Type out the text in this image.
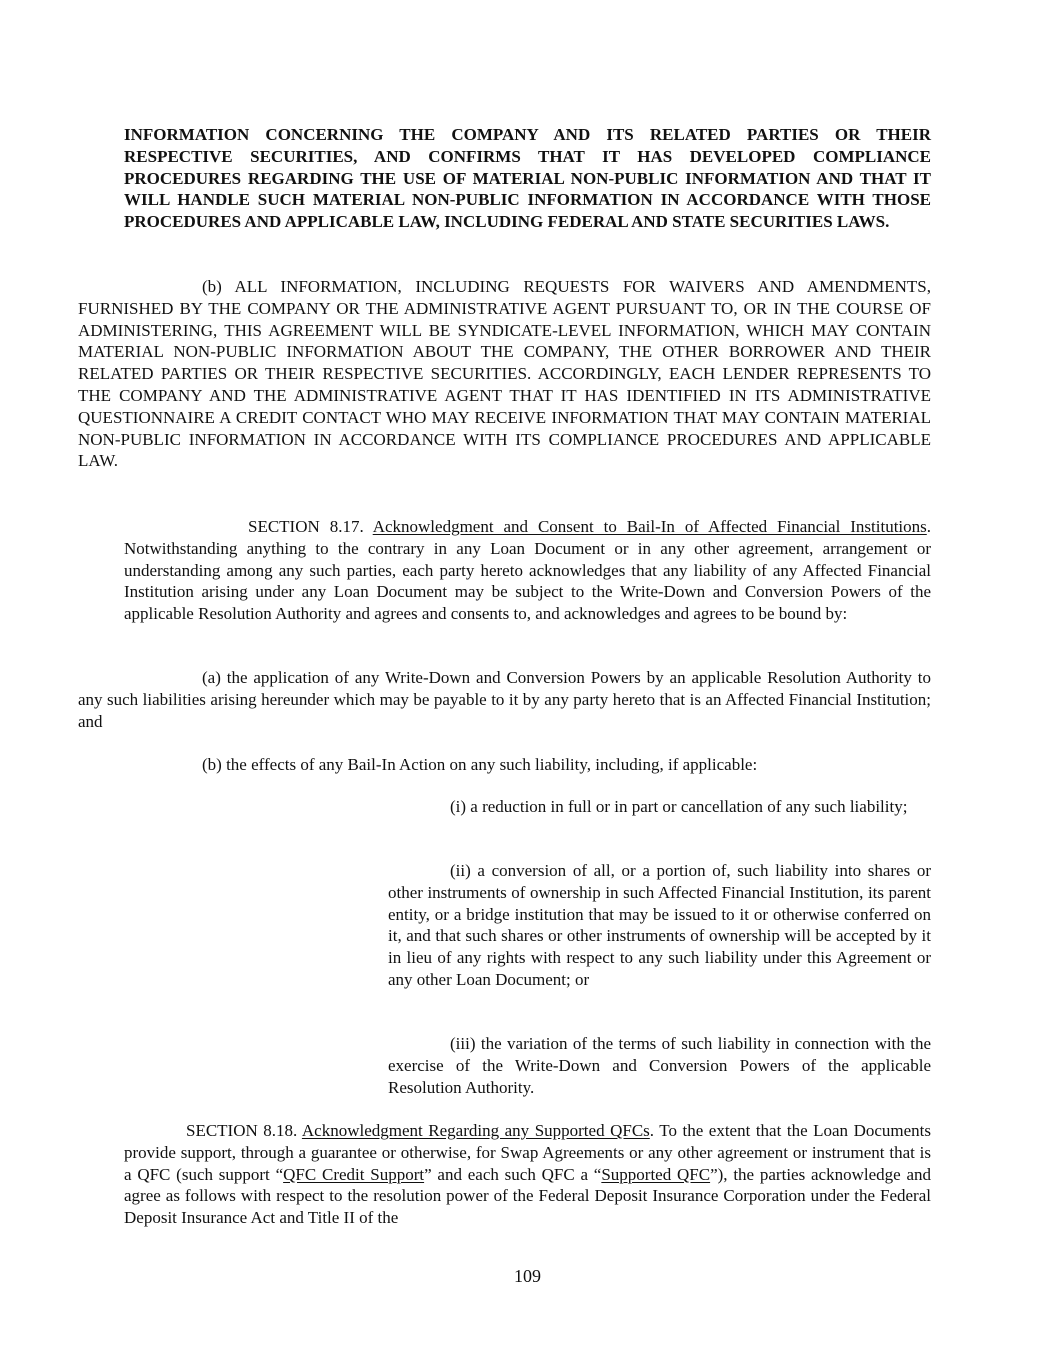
INFORMATION CONCERNING THE COMPANY AND ITS RELATED PARTIES OR THEIR RESPECTIVE SECURITIES, AND CONFIRMS THAT IT HAS DEVELOPED COMPLIANCE PROCEDURES REGARDING THE USE OF MATERIAL NON-PUBLIC INFORMATION AND THAT IT WILL HANDLE SUCH MATERIAL NON-PUBLIC INFORMATION IN ACCORDANCE WITH THOSE PROCEDURES AND APPLICABLE LAW, INCLUDING FEDERAL AND STATE SECURITIES LAWS.

(b) ALL INFORMATION, INCLUDING REQUESTS FOR WAIVERS AND AMENDMENTS, FURNISHED BY THE COMPANY OR THE ADMINISTRATIVE AGENT PURSUANT TO, OR IN THE COURSE OF ADMINISTERING, THIS AGREEMENT WILL BE SYNDICATE-LEVEL INFORMATION, WHICH MAY CONTAIN MATERIAL NON-PUBLIC INFORMATION ABOUT THE COMPANY, THE OTHER BORROWER AND THEIR RELATED PARTIES OR THEIR RESPECTIVE SECURITIES. ACCORDINGLY, EACH LENDER REPRESENTS TO THE COMPANY AND THE ADMINISTRATIVE AGENT THAT IT HAS IDENTIFIED IN ITS ADMINISTRATIVE QUESTIONNAIRE A CREDIT CONTACT WHO MAY RECEIVE INFORMATION THAT MAY CONTAIN MATERIAL NON-PUBLIC INFORMATION IN ACCORDANCE WITH ITS COMPLIANCE PROCEDURES AND APPLICABLE LAW.

SECTION 8.17. Acknowledgment and Consent to Bail-In of Affected Financial Institutions. Notwithstanding anything to the contrary in any Loan Document or in any other agreement, arrangement or understanding among any such parties, each party hereto acknowledges that any liability of any Affected Financial Institution arising under any Loan Document may be subject to the Write-Down and Conversion Powers of the applicable Resolution Authority and agrees and consents to, and acknowledges and agrees to be bound by:

(a) the application of any Write-Down and Conversion Powers by an applicable Resolution Authority to any such liabilities arising hereunder which may be payable to it by any party hereto that is an Affected Financial Institution; and

(b) the effects of any Bail-In Action on any such liability, including, if applicable:

(i) a reduction in full or in part or cancellation of any such liability;

(ii) a conversion of all, or a portion of, such liability into shares or other instruments of ownership in such Affected Financial Institution, its parent entity, or a bridge institution that may be issued to it or otherwise conferred on it, and that such shares or other instruments of ownership will be accepted by it in lieu of any rights with respect to any such liability under this Agreement or any other Loan Document; or

(iii) the variation of the terms of such liability in connection with the exercise of the Write-Down and Conversion Powers of the applicable Resolution Authority.

SECTION 8.18. Acknowledgment Regarding any Supported QFCs. To the extent that the Loan Documents provide support, through a guarantee or otherwise, for Swap Agreements or any other agreement or instrument that is a QFC (such support “QFC Credit Support” and each such QFC a “Supported QFC”), the parties acknowledge and agree as follows with respect to the resolution power of the Federal Deposit Insurance Corporation under the Federal Deposit Insurance Act and Title II of the

109
